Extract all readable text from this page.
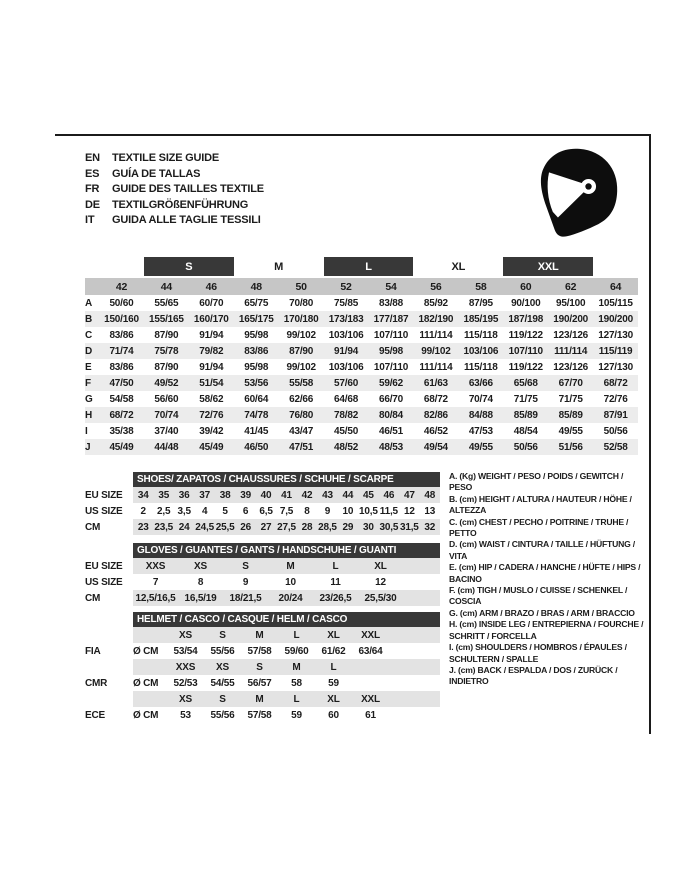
EN	TEXTILE SIZE GUIDE
ES	GUÍA DE TALLAS
FR	GUIDE DES TAILLES TEXTILE
DE	TEXTILGRÖßENFÜHRUNG
IT	GUIDA ALLE TAGLIE TESSILI
S	M	L	XL	XXL
42	44	46	48	50	52	54	56	58	60	62	64
A	50/60	55/65	60/70	65/75	70/80	75/85	83/88	85/92	87/95	90/100	95/100	105/115
B	150/160	155/165	160/170	165/175	170/180	173/183	177/187	182/190	185/195	187/198	190/200	190/200
C	83/86	87/90	91/94	95/98	99/102	103/106	107/110	111/114	115/118	119/122	123/126	127/130
D	71/74	75/78	79/82	83/86	87/90	91/94	95/98	99/102	103/106	107/110	111/114	115/119
E	83/86	87/90	91/94	95/98	99/102	103/106	107/110	111/114	115/118	119/122	123/126	127/130
F	47/50	49/52	51/54	53/56	55/58	57/60	59/62	61/63	63/66	65/68	67/70	68/72
G	54/58	56/60	58/62	60/64	62/66	64/68	66/70	68/72	70/74	71/75	71/75	72/76
H	68/72	70/74	72/76	74/78	76/80	78/82	80/84	82/86	84/88	85/89	85/89	87/91
I	35/38	37/40	39/42	41/45	43/47	45/50	46/51	46/52	47/53	48/54	49/55	50/56
J	45/49	44/48	45/49	46/50	47/51	48/52	48/53	49/54	49/55	50/56	51/56	52/58
SHOES/ ZAPATOS / CHAUSSURES / SCHUHE / SCARPE
EU SIZE	34 35 36 37 38 39 40 41 42 43 44 45 46 47 48
US SIZE	2	2,5 3,5	4	5	6	6,5 7,5	8	9	10 10,5 11,5 12 13
CM	23 23,5 24 24,5 25,5 26 27 27,5 28 28,5 29 30 30,5 31,5 32
GLOVES / GUANTES / GANTS / HANDSCHUHE / GUANTI
EU SIZE	XXS	XS	S	M	L	XL
US SIZE	7	8	9	10	11	12
CM	12,5/16,5 16,5/19	18/21,5	20/24	23/26,5	25,5/30
HELMET / CASCO / CASQUE / HELM / CASCO
XS	S	M	L	XL	XXL
FIA	Ø CM	53/54	55/56	57/58	59/60	61/62	63/64
XXS	XS	S	M	L
CMR	Ø CM	52/53	54/55	56/57	58	59
XS	S	M	L	XL	XXL
ECE	Ø CM	53	55/56	57/58	59	60	61
A. (Kg) WEIGHT / PESO / POIDS / GEWITCH / PESO
B. (cm) HEIGHT / ALTURA / HAUTEUR / HÖHE / ALTEZZA
C. (cm) CHEST / PECHO / POITRINE / TRUHE / PETTO
D. (cm) WAIST / CINTURA / TAILLE / HÜFTUNG / VITA
E. (cm) HIP / CADERA / HANCHE / HÜFTE / HIPS / BACINO
F. (cm) TIGH / MUSLO / CUISSE / SCHENKEL / COSCIA
G. (cm) ARM / BRAZO / BRAS / ARM / BRACCIO
H. (cm) INSIDE LEG / ENTREPIERNA / FOURCHE / SCHRITT / FORCELLA
I. (cm) SHOULDERS / HOMBROS / ÉPAULES / SCHULTERN / SPALLE
J. (cm) BACK / ESPALDA / DOS / ZURÜCK / INDIETRO
